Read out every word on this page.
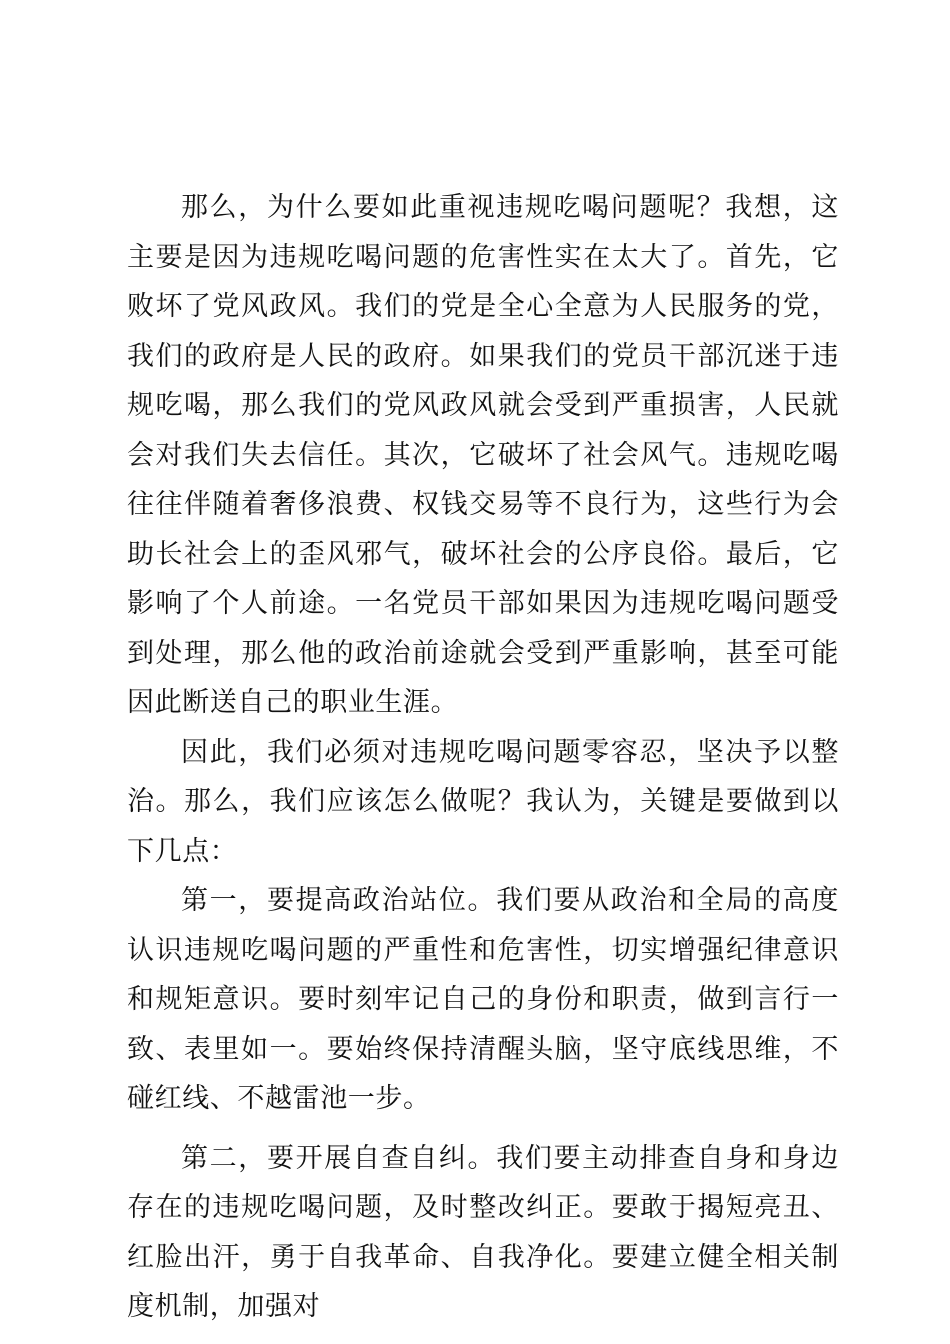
那么，为什么要如此重视违规吃喝问题呢？我想，这主要是因为违规吃喝问题的危害性实在太大了。首先，它败坏了党风政风。我们的党是全心全意为人民服务的党，我们的政府是人民的政府。如果我们的党员干部沉迷于违规吃喝，那么我们的党风政风就会受到严重损害，人民就会对我们失去信任。其次，它破坏了社会风气。违规吃喝往往伴随着奢侈浪费、权钱交易等不良行为，这些行为会助长社会上的歪风邪气，破坏社会的公序良俗。最后，它影响了个人前途。一名党员干部如果因为违规吃喝问题受到处理，那么他的政治前途就会受到严重影响，甚至可能因此断送自己的职业生涯。

因此，我们必须对违规吃喝问题零容忍，坚决予以整治。那么，我们应该怎么做呢？我认为，关键是要做到以下几点：

第一，要提高政治站位。我们要从政治和全局的高度认识违规吃喝问题的严重性和危害性，切实增强纪律意识和规矩意识。要时刻牢记自己的身份和职责，做到言行一致、表里如一。要始终保持清醒头脑，坚守底线思维，不碰红线、不越雷池一步。

第二，要开展自查自纠。我们要主动排查自身和身边存在的违规吃喝问题，及时整改纠正。要敢于揭短亮丑、红脸出汗，勇于自我革命、自我净化。要建立健全相关制度机制，加强对
